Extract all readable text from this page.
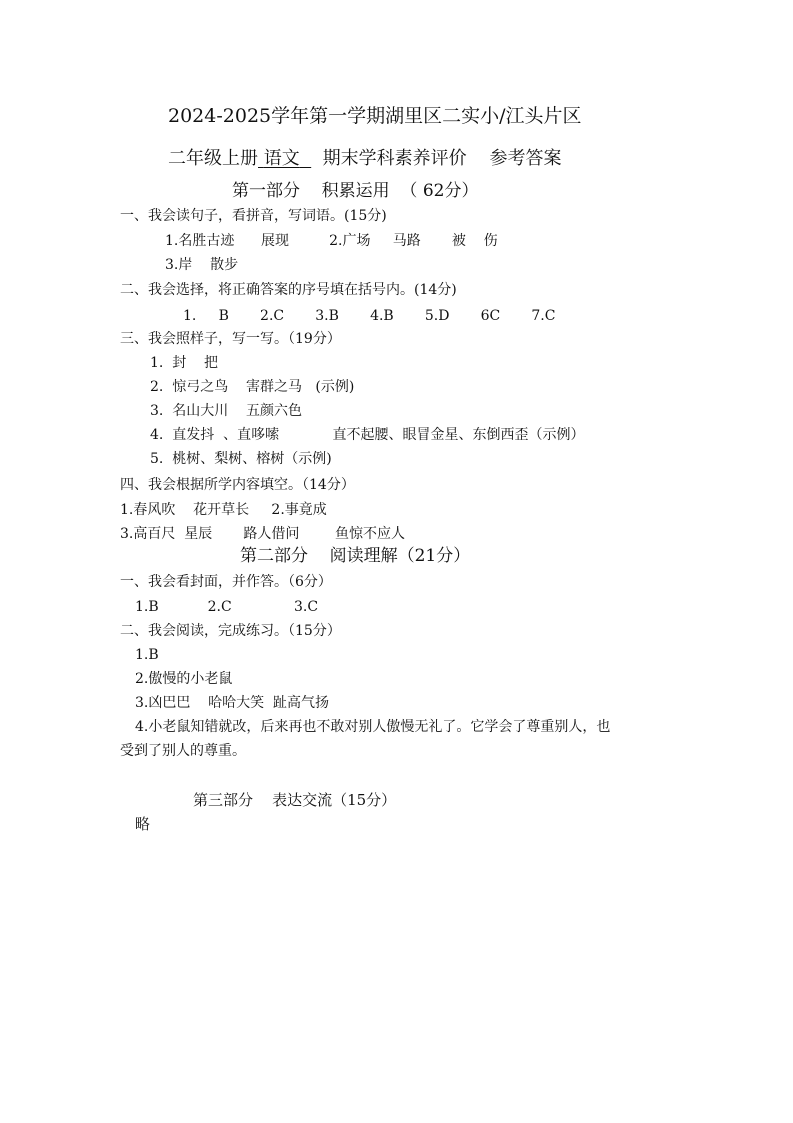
2024-2025学年第一学期湖里区二实小/江头片区
二年级上册 语文 期末学科素养评价    参考答案
第一部分    积累运用  （ 62分）
一、我会读句子，看拼音，写词语。(15分)
1.名胜古迹      展现         2.广场     马路       被    伤
3.岸    散步
二、我会选择，将正确答案的序号填在括号内。(14分)
1.     B       2.C       3.B       4.B       5.D       6C       7.C
三、我会照样子，写一写。（19分）
1.  封    把
2.  惊弓之鸟    害群之马   (示例)
3.  名山大川    五颜六色
4.  直发抖  、直哆嗦            直不起腰、眼冒金星、东倒西歪（示例）
5.  桃树、梨树、榕树（示例)
四、我会根据所学内容填空。（14分）
1.春风吹    花开草长     2.事竟成
3.高百尺  星辰       路人借问        鱼惊不应人
第二部分    阅读理解（21分）
一、我会看封面，并作答。（6分）
1.B           2.C              3.C
二、我会阅读，完成练习。（15分）
1.B
2.傲慢的小老鼠
3.凶巴巴    哈哈大笑  趾高气扬
4.小老鼠知错就改，后来再也不敢对别人傲慢无礼了。它学会了尊重别人，也
受到了别人的尊重。
第三部分    表达交流（15分）
略
